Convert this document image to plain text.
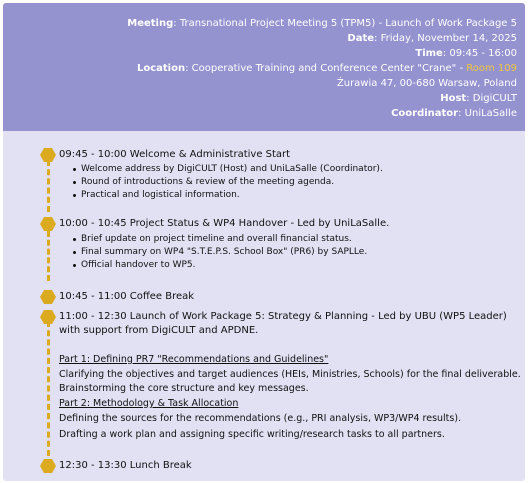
Meeting: Transnational Project Meeting 5 (TPM5) - Launch of Work Package 5
Date: Friday, November 14, 2025
Time: 09:45 - 16:00
Location: Cooperative Training and Conference Center "Crane" - Room 109
Żurawia 47, 00-680 Warsaw, Poland
Host: DigiCULT
Coordinator: UniLaSalle
09:45 - 10:00 Welcome & Administrative Start
Welcome address by DigiCULT (Host) and UniLaSalle (Coordinator).
Round of introductions & review of the meeting agenda.
Practical and logistical information.
10:00 - 10:45 Project Status & WP4 Handover - Led by UniLaSalle.
Brief update on project timeline and overall financial status.
Final summary on WP4 "S.T.E.P.S. School Box" (PR6) by SAPLLe.
Official handover to WP5.
10:45 - 11:00 Coffee Break
11:00 - 12:30 Launch of Work Package 5: Strategy & Planning - Led by UBU (WP5 Leader) with support from DigiCULT and APDNE.
Part 1: Defining PR7 "Recommendations and Guidelines"
Clarifying the objectives and target audiences (HEIs, Ministries, Schools) for the final deliverable.
Brainstorming the core structure and key messages.
Part 2: Methodology & Task Allocation
Defining the sources for the recommendations (e.g., PRI analysis, WP3/WP4 results).
Drafting a work plan and assigning specific writing/research tasks to all partners.
12:30 - 13:30 Lunch Break
